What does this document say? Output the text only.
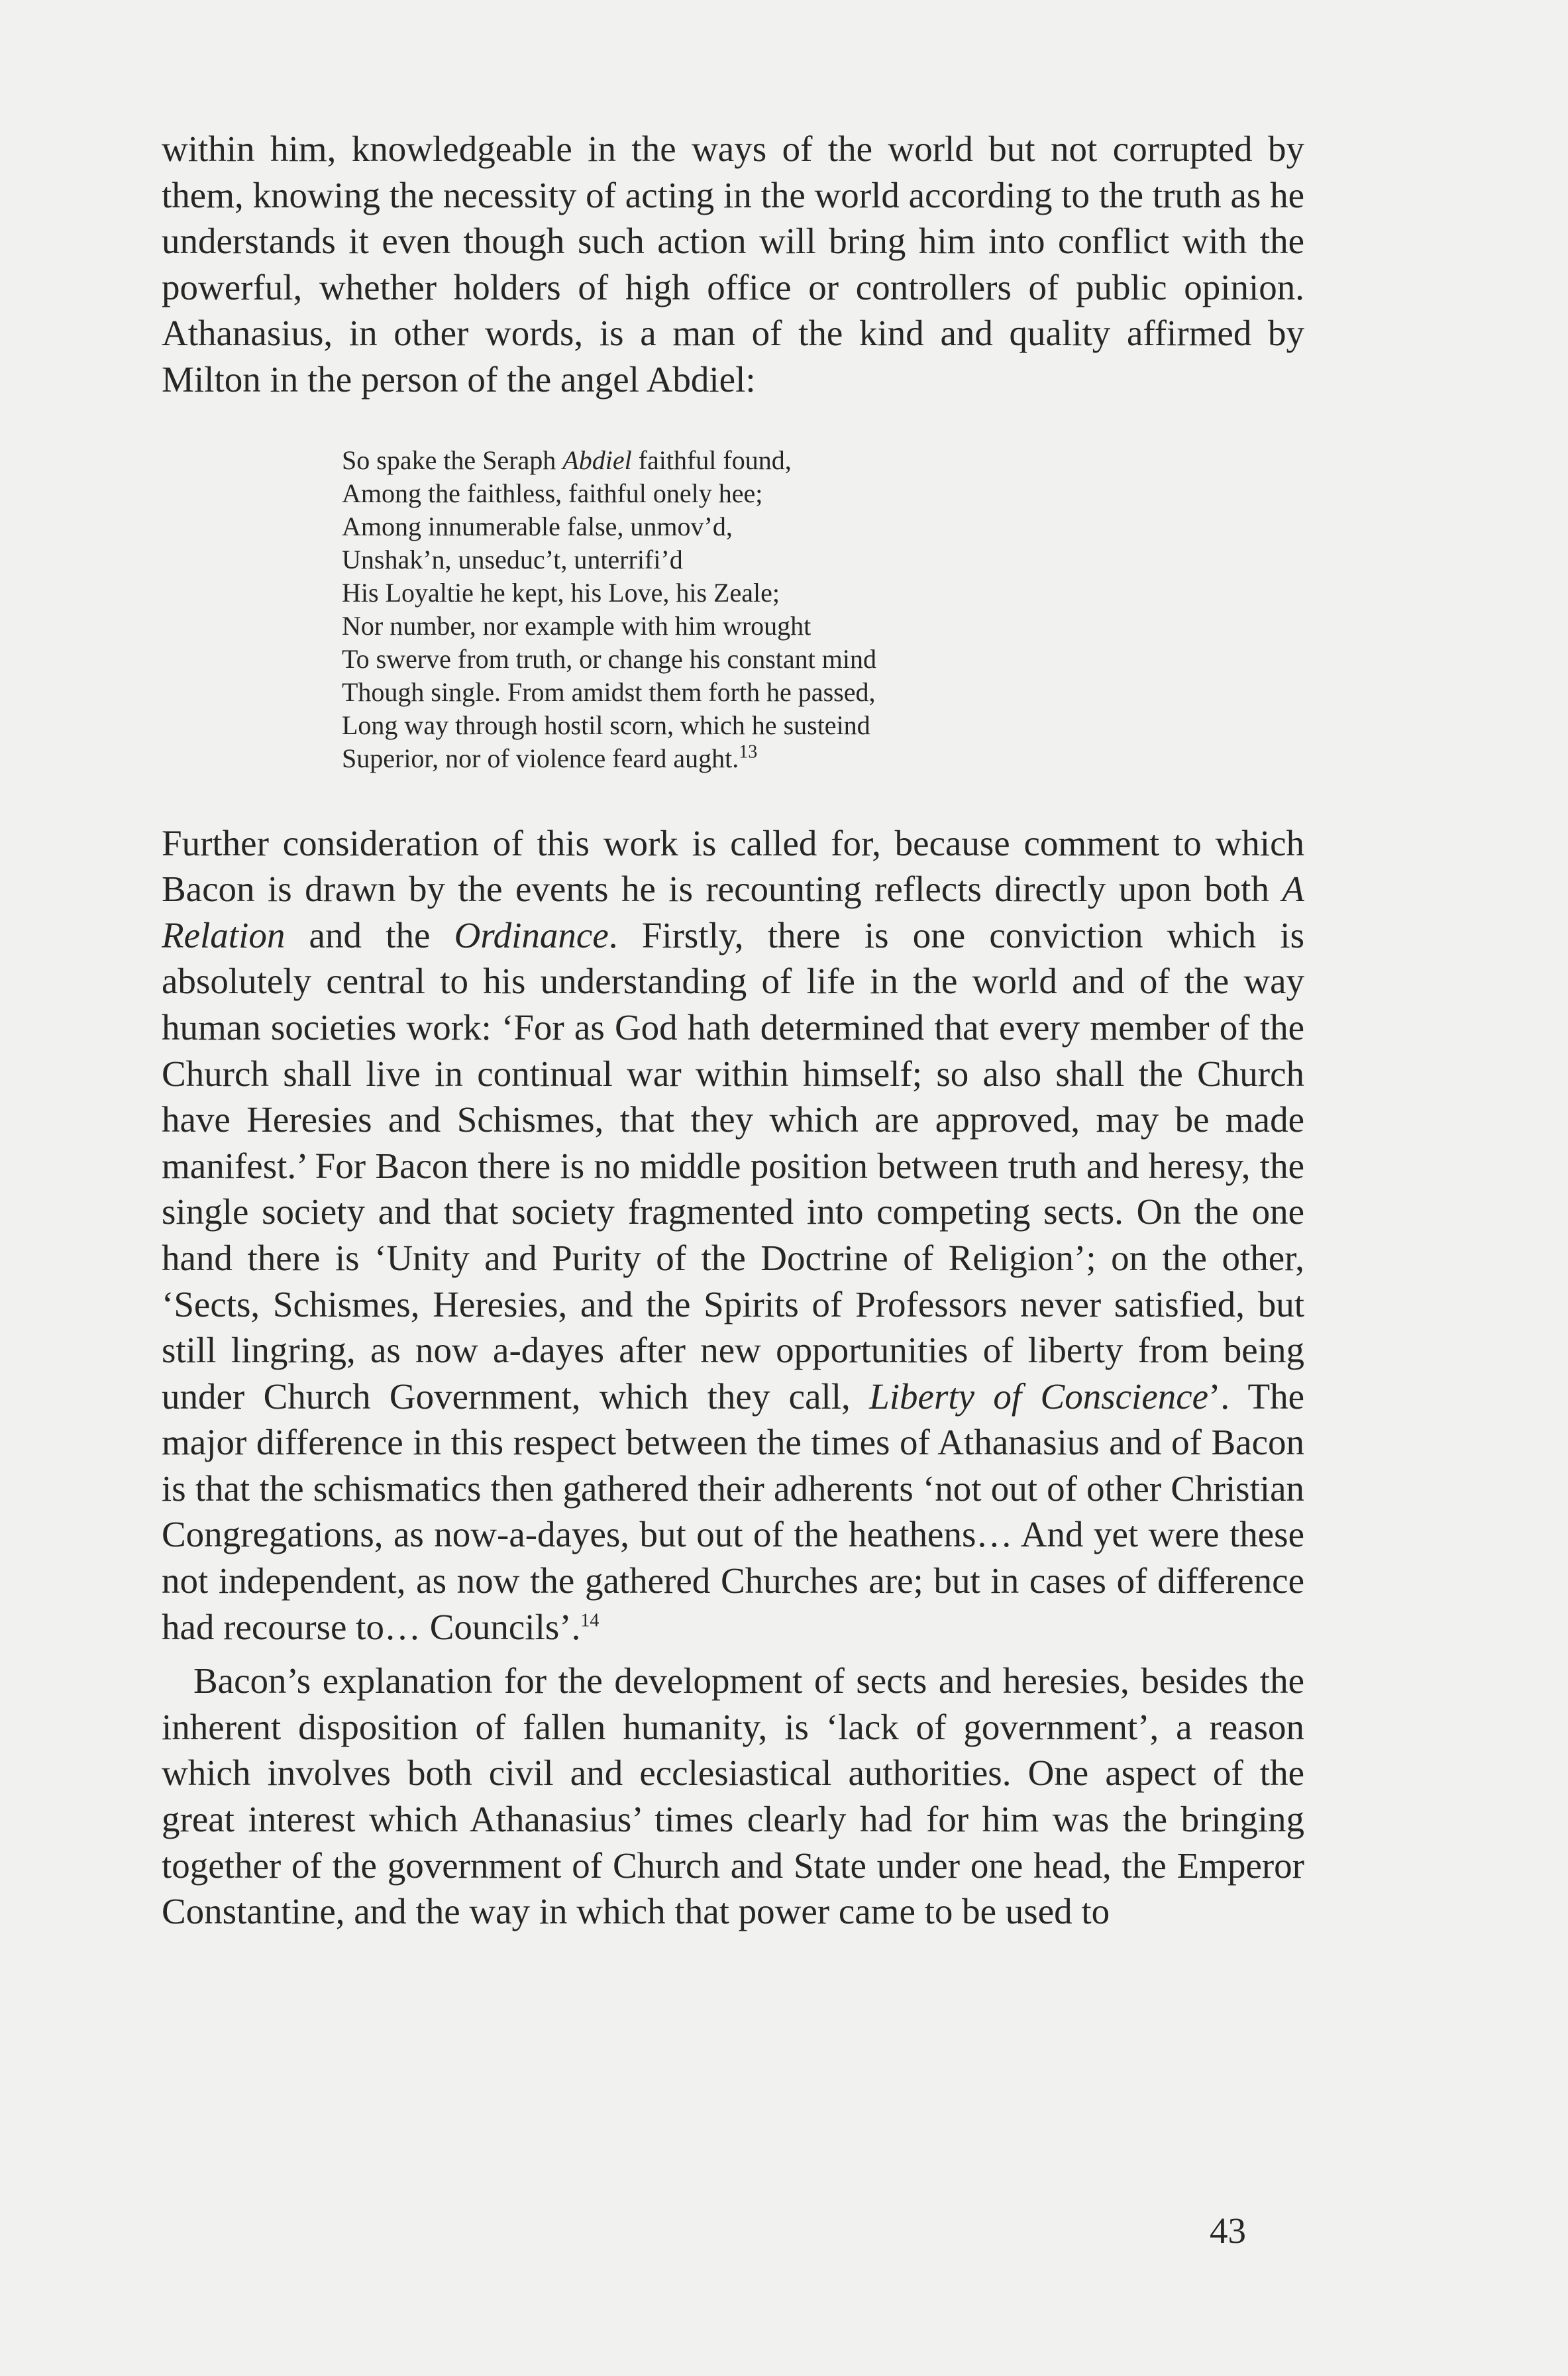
within him, knowledgeable in the ways of the world but not corrupted by them, knowing the necessity of acting in the world according to the truth as he understands it even though such action will bring him into conflict with the powerful, whether holders of high office or controllers of public opinion. Athanasius, in other words, is a man of the kind and quality affirmed by Milton in the person of the angel Abdiel:

So spake the Seraph Abdiel faithful found,
Among the faithless, faithful onely hee;
Among innumerable false, unmov’d,
Unshak’n, unseduc’t, unterrifi’d
His Loyaltie he kept, his Love, his Zeale;
Nor number, nor example with him wrought
To swerve from truth, or change his constant mind
Though single. From amidst them forth he passed,
Long way through hostil scorn, which he susteind
Superior, nor of violence feard aught.$^{13}$

Further consideration of this work is called for, because comment to which Bacon is drawn by the events he is recounting reflects directly upon both A Relation and the Ordinance. Firstly, there is one conviction which is absolutely central to his understanding of life in the world and of the way human societies work: ‘For as God hath determined that every member of the Church shall live in continual war within himself; so also shall the Church have Heresies and Schismes, that they which are approved, may be made manifest.’ For Bacon there is no middle position between truth and heresy, the single society and that society fragmented into competing sects. On the one hand there is ‘Unity and Purity of the Doctrine of Religion’; on the other, ‘Sects, Schismes, Heresies, and the Spirits of Professors never satisfied, but still lingring, as now a-dayes after new opportunities of liberty from being under Church Government, which they call, Liberty of Conscience’. The major difference in this respect between the times of Athanasius and of Bacon is that the schismatics then gathered their adherents ‘not out of other Christian Congregations, as now-a-dayes, but out of the heathens… And yet were these not independent, as now the gathered Churches are; but in cases of difference had recourse to… Councils’.$^{14}$

Bacon’s explanation for the development of sects and heresies, besides the inherent disposition of fallen humanity, is ‘lack of government’, a reason which involves both civil and ecclesiastical authorities. One aspect of the great interest which Athanasius’ times clearly had for him was the bringing together of the government of Church and State under one head, the Emperor Constantine, and the way in which that power came to be used to

43
